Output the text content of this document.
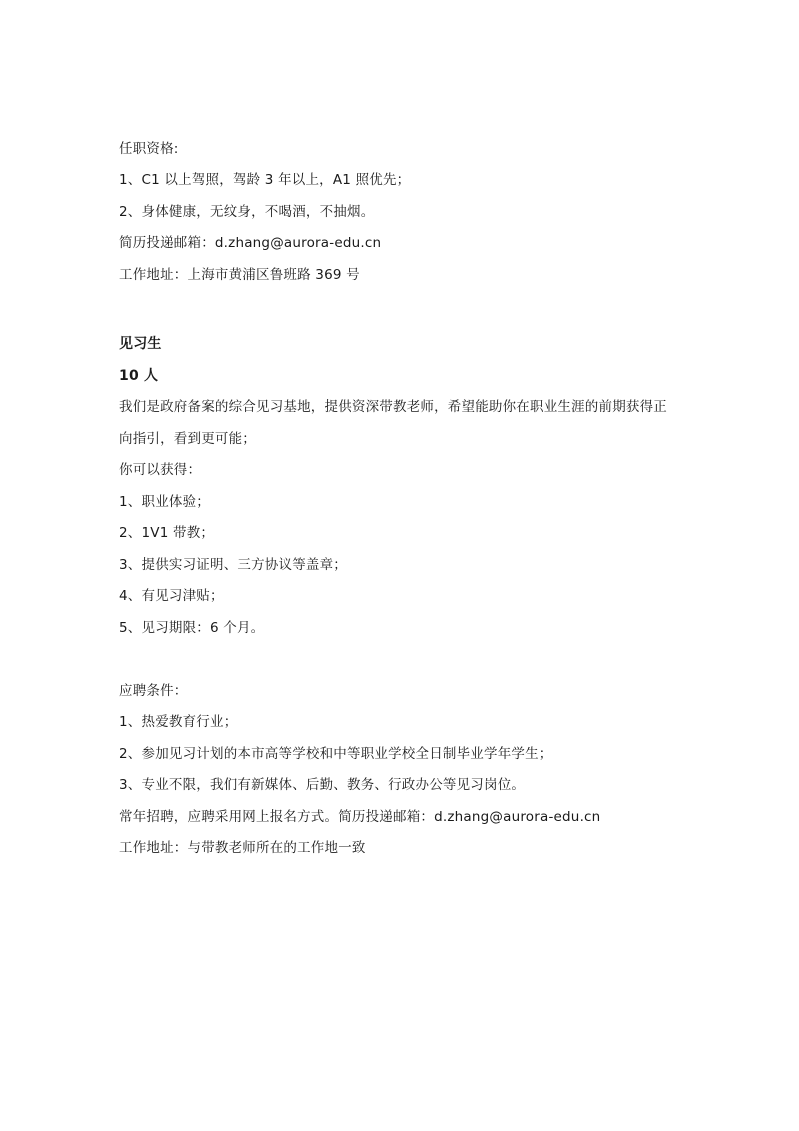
任职资格:
1、C1 以上驾照，驾龄 3 年以上，A1 照优先；
2、身体健康，无纹身，不喝酒，不抽烟。
简历投递邮箱：d.zhang@aurora-edu.cn
工作地址：上海市黄浦区鲁班路 369 号
见习生
10 人
我们是政府备案的综合见习基地，提供资深带教老师，希望能助你在职业生涯的前期获得正
向指引，看到更可能；
你可以获得：
1、职业体验；
2、1V1 带教；
3、提供实习证明、三方协议等盖章；
4、有见习津贴；
5、见习期限：6 个月。
应聘条件：
1、热爱教育行业；
2、参加见习计划的本市高等学校和中等职业学校全日制毕业学年学生；
3、专业不限，我们有新媒体、后勤、教务、行政办公等见习岗位。
常年招聘，应聘采用网上报名方式。简历投递邮箱：d.zhang@aurora-edu.cn
工作地址：与带教老师所在的工作地一致
